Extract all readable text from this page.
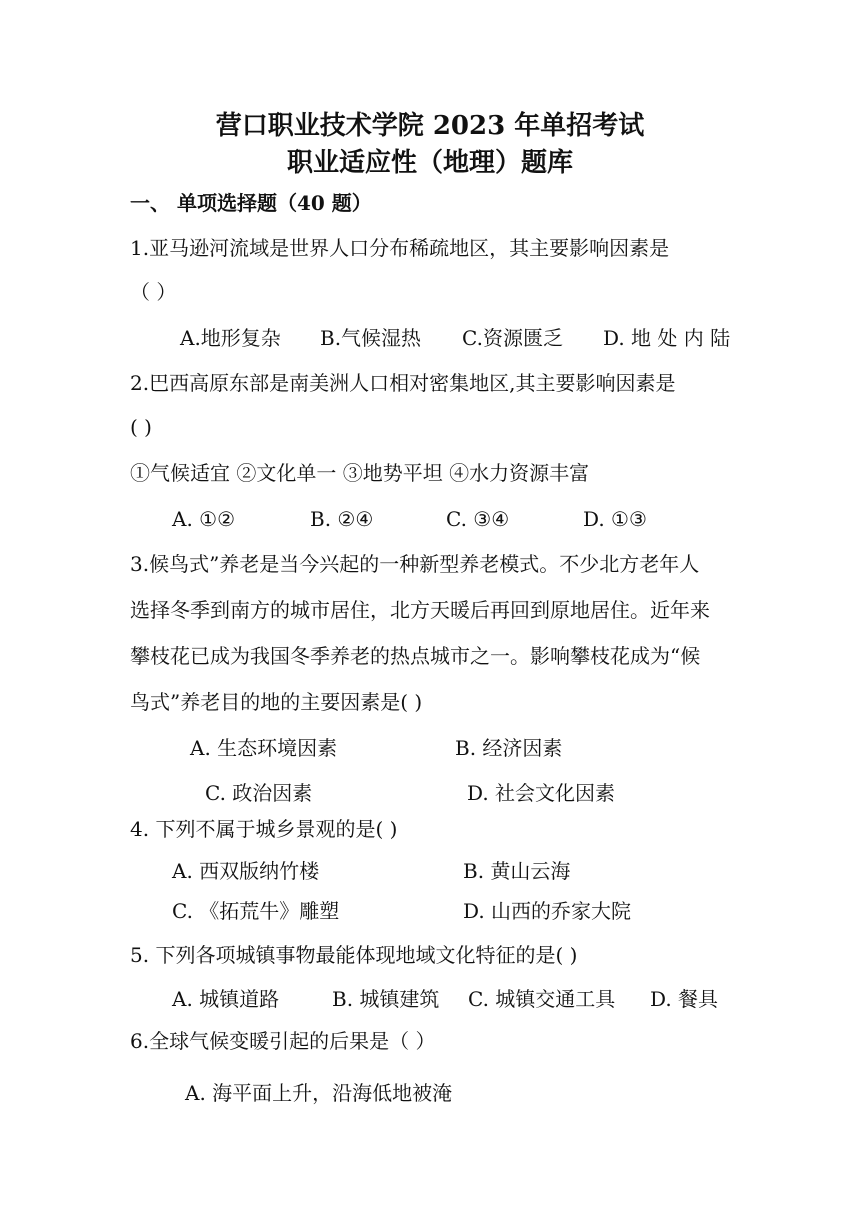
营口职业技术学院 2023 年单招考试
职业适应性（地理）题库
一、 单项选择题（40 题）
1.亚马逊河流域是世界人口分布稀疏地区，其主要影响因素是
（ ）
A.地形复杂 B.气候湿热 C.资源匮乏 D. 地 处 内 陆
2.巴西高原东部是南美洲人口相对密集地区,其主要影响因素是
( )
①气候适宜 ②文化单一 ③地势平坦 ④水力资源丰富
A. ①②	B. ②④	C. ③④	D. ①③
3.候鸟式”养老是当今兴起的一种新型养老模式。不少北方老年人
选择冬季到南方的城市居住，北方天暖后再回到原地居住。近年来
攀枝花已成为我国冬季养老的热点城市之一。影响攀枝花成为“候
鸟式”养老目的地的主要因素是( )
A. 生态环境因素	B. 经济因素
C. 政治因素	D. 社会文化因素
4. 下列不属于城乡景观的是( )
A. 西双版纳竹楼	B. 黄山云海
C. 《拓荒牛》雕塑	D. 山西的乔家大院
5. 下列各项城镇事物最能体现地域文化特征的是( )
A. 城镇道路	B. 城镇建筑 C. 城镇交通工具 D. 餐具
6.全球气候变暖引起的后果是（ ）
A. 海平面上升，沿海低地被淹
